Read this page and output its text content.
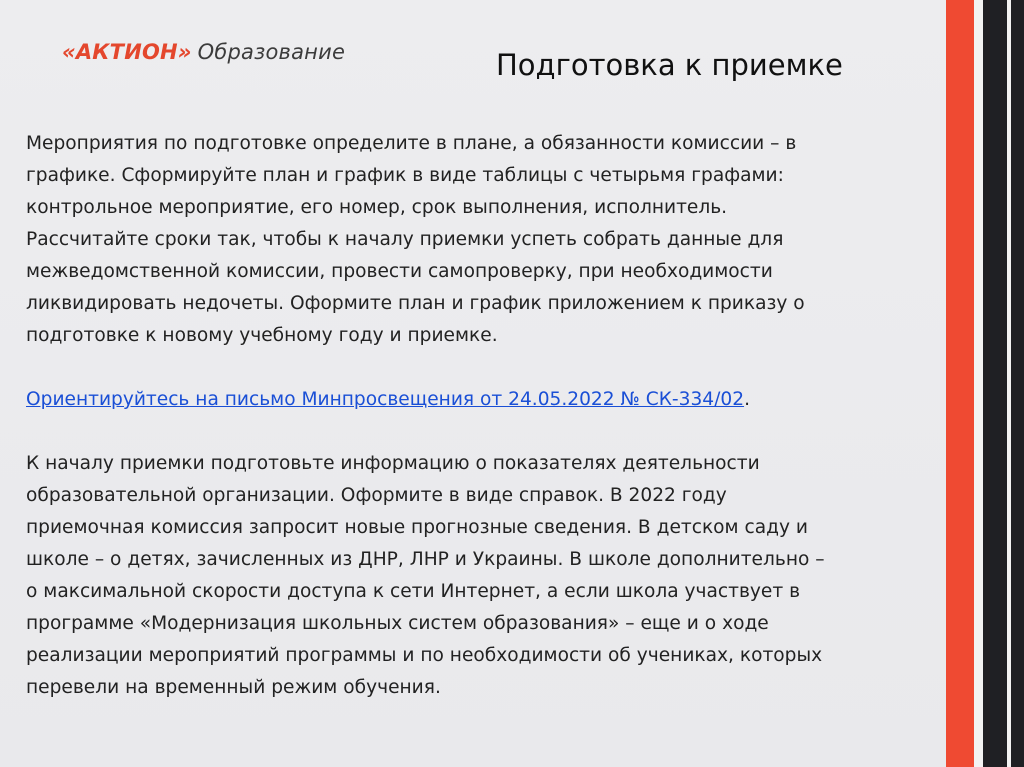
«АКТИОН» Образование	Подготовка к приемке

Мероприятия по подготовке определите в плане, а обязанности комиссии – в
графике. Сформируйте план и график в виде таблицы с четырьмя графами:
контрольное мероприятие, его номер, срок выполнения, исполнитель.
Рассчитайте сроки так, чтобы к началу приемки успеть собрать данные для
межведомственной комиссии, провести самопроверку, при необходимости
ликвидировать недочеты. Оформите план и график приложением к приказу о
подготовке к новому учебному году и приемке.

Ориентируйтесь на письмо Минпросвещения от 24.05.2022 № СК-334/02.

К началу приемки подготовьте информацию о показателях деятельности
образовательной организации. Оформите в виде справок. В 2022 году
приемочная комиссия запросит новые прогнозные сведения. В детском саду и
школе – о детях, зачисленных из ДНР, ЛНР и Украины. В школе дополнительно –
о максимальной скорости доступа к сети Интернет, а если школа участвует в
программе «Модернизация школьных систем образования» – еще и о ходе
реализации мероприятий программы и по необходимости об учениках, которых
перевели на временный режим обучения.
